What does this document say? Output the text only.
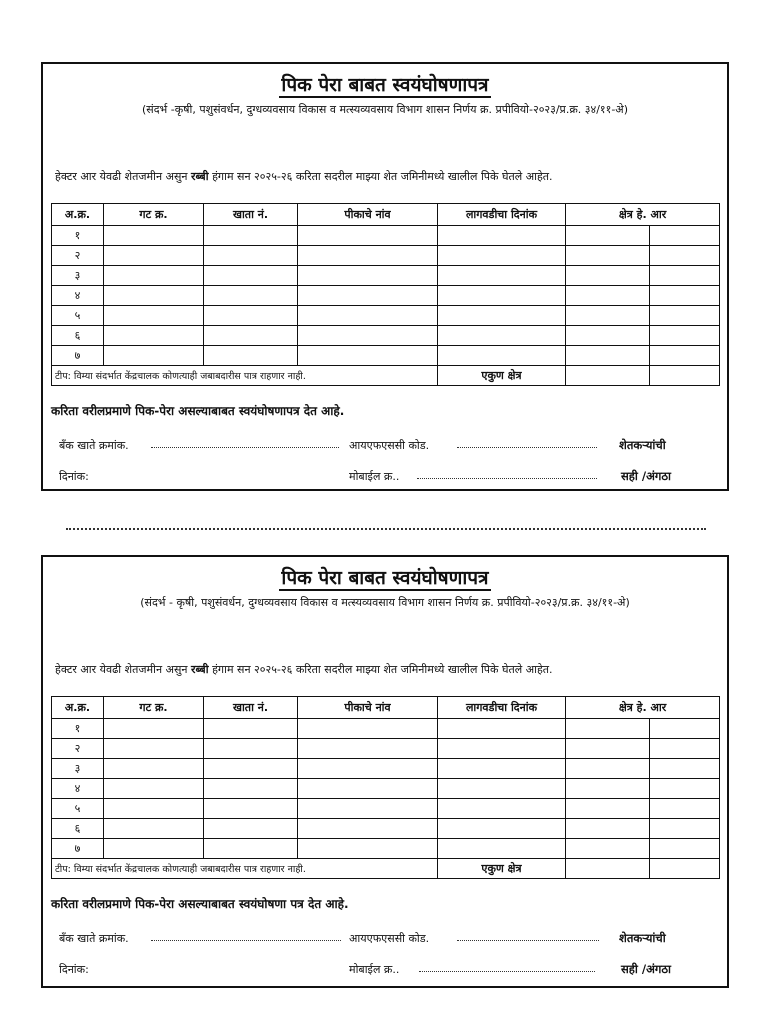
पिक पेरा बाबत स्वयंघोषणापत्र
(संदर्भ -कृषी, पशुसंवर्धन, दुग्धव्यवसाय विकास व मत्स्यव्यवसाय विभाग शासन निर्णय क्र. प्रपीवियो-२०२३/प्र.क्र. ३४/११-अे)
हेक्टर आर येवढी शेतजमीन असुन रब्बी हंगाम सन २०२५-२६ करिता सदरील माझ्या शेत जमिनीमध्ये खालील पिके घेतले आहेत.
अ.क्र.	गट क्र.	खाता नं.	पीकाचे नांव	लागवडीचा दिनांक	क्षेत्र हे. आर	
१						
२						
३						
४						
५						
६						
७						
टीप: विम्या संदर्भात केंद्रचालक कोणत्याही जबाबदारीस पात्र राहणार नाही.				एकुण क्षेत्र		
करिता वरीलप्रमाणे पिक-पेरा असल्याबाबत स्वयंघोषणापत्र देत आहे.
बँक खाते क्रमांक.	आयएफएससी कोड.	शेतकऱ्यांची
दिनांक:	मोबाईल क्र..	सही /अंगठा
पिक पेरा बाबत स्वयंघोषणापत्र
(संदर्भ - कृषी, पशुसंवर्धन, दुग्धव्यवसाय विकास व मत्स्यव्यवसाय विभाग शासन निर्णय क्र. प्रपीवियो-२०२३/प्र.क्र. ३४/११-अे)
हेक्टर आर येवढी शेतजमीन असुन रब्बी हंगाम सन २०२५-२६ करिता सदरील माझ्या शेत जमिनीमध्ये खालील पिके घेतले आहेत.
अ.क्र.	गट क्र.	खाता नं.	पीकाचे नांव	लागवडीचा दिनांक	क्षेत्र हे. आर	
१						
२						
३						
४						
५						
६						
७						
टीप: विम्या संदर्भात केंद्रचालक कोणत्याही जबाबदारीस पात्र राहणार नाही.				एकुण क्षेत्र		
करिता वरीलप्रमाणे पिक-पेरा असल्याबाबत स्वयंघोषणा पत्र देत आहे.
बँक खाते क्रमांक.	आयएफएससी कोड.	शेतकऱ्यांची
दिनांक:	मोबाईल क्र..	सही /अंगठा
